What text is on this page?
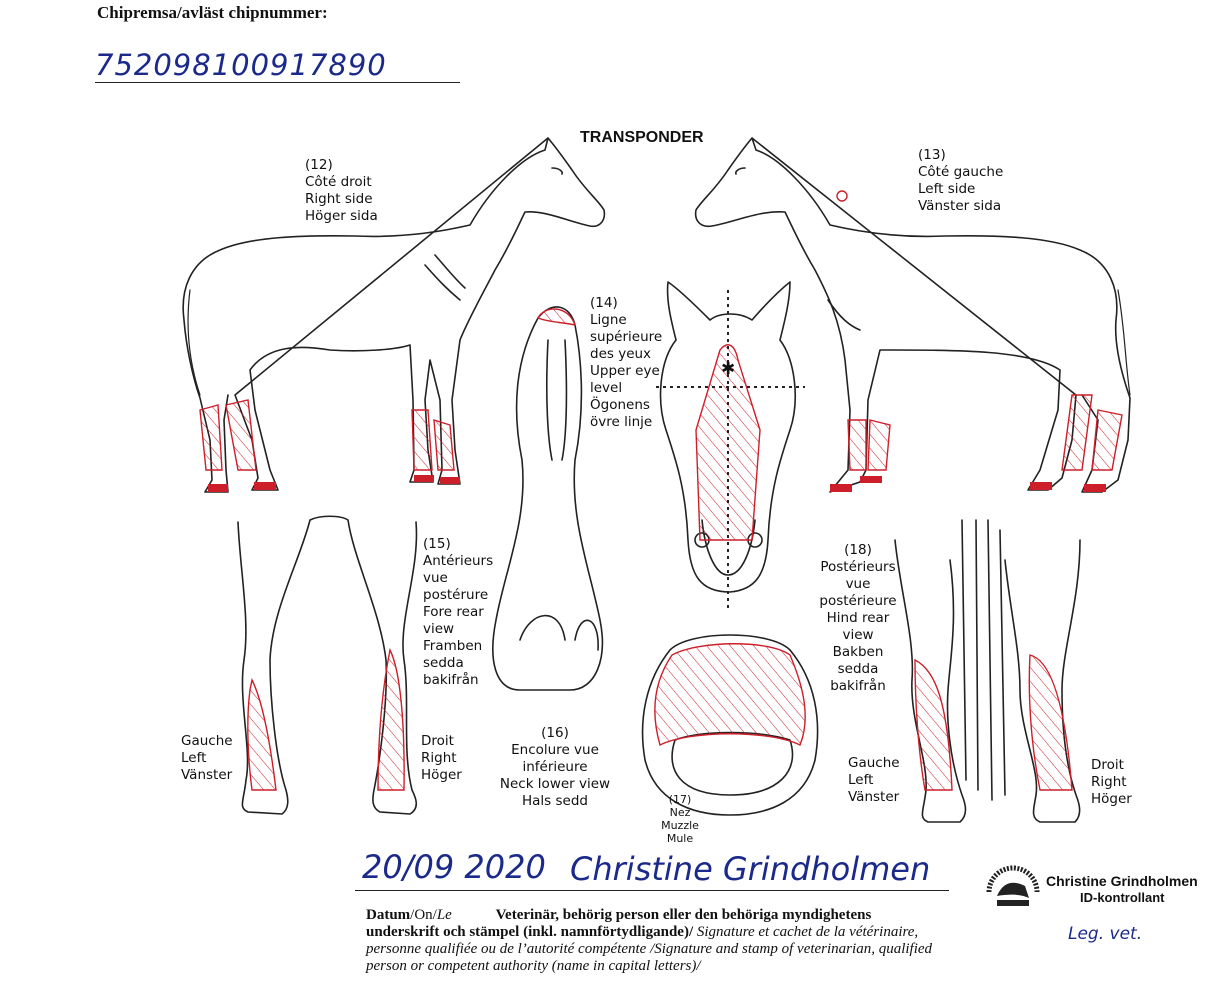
Chipremsa/avläst chipnummer:
752098100917890
TRANSPONDER
✱
(12)
Côté droit
Right side
Höger sida
(13)
Côté gauche
Left side
Vänster sida
(14)
Ligne
supérieure
des yeux
Upper eye
level
Ögonens
övre linje
(15)
Antérieurs
vue
postérure
Fore rear
view
Framben
sedda
bakifrån
(16)
Encolure vue
inférieure
Neck lower view
Hals sedd	(17)
Nez
Muzzle
Mule
(18)
Postérieurs
vue
postérieure
Hind rear
view
Bakben
sedda
bakifrån
Gauche
Left
Vänster
Droit
Right
Höger
Gauche
Left
Vänster
Droit
Right
Höger
20/09 2020 Christine Grindholmen
Datum/On/Le	Veterinär, behörig person eller den behöriga myndighetens underskrift och stämpel (inkl. namnförtydligande)/ Signature et cachet de la vétérinaire, personne qualifiée ou de l’autorité compétente /Signature and stamp of veterinarian, qualified person or competent authority (name in capital letters)/
Christine Grindholmen
ID-kontrollant
Leg. vet.
